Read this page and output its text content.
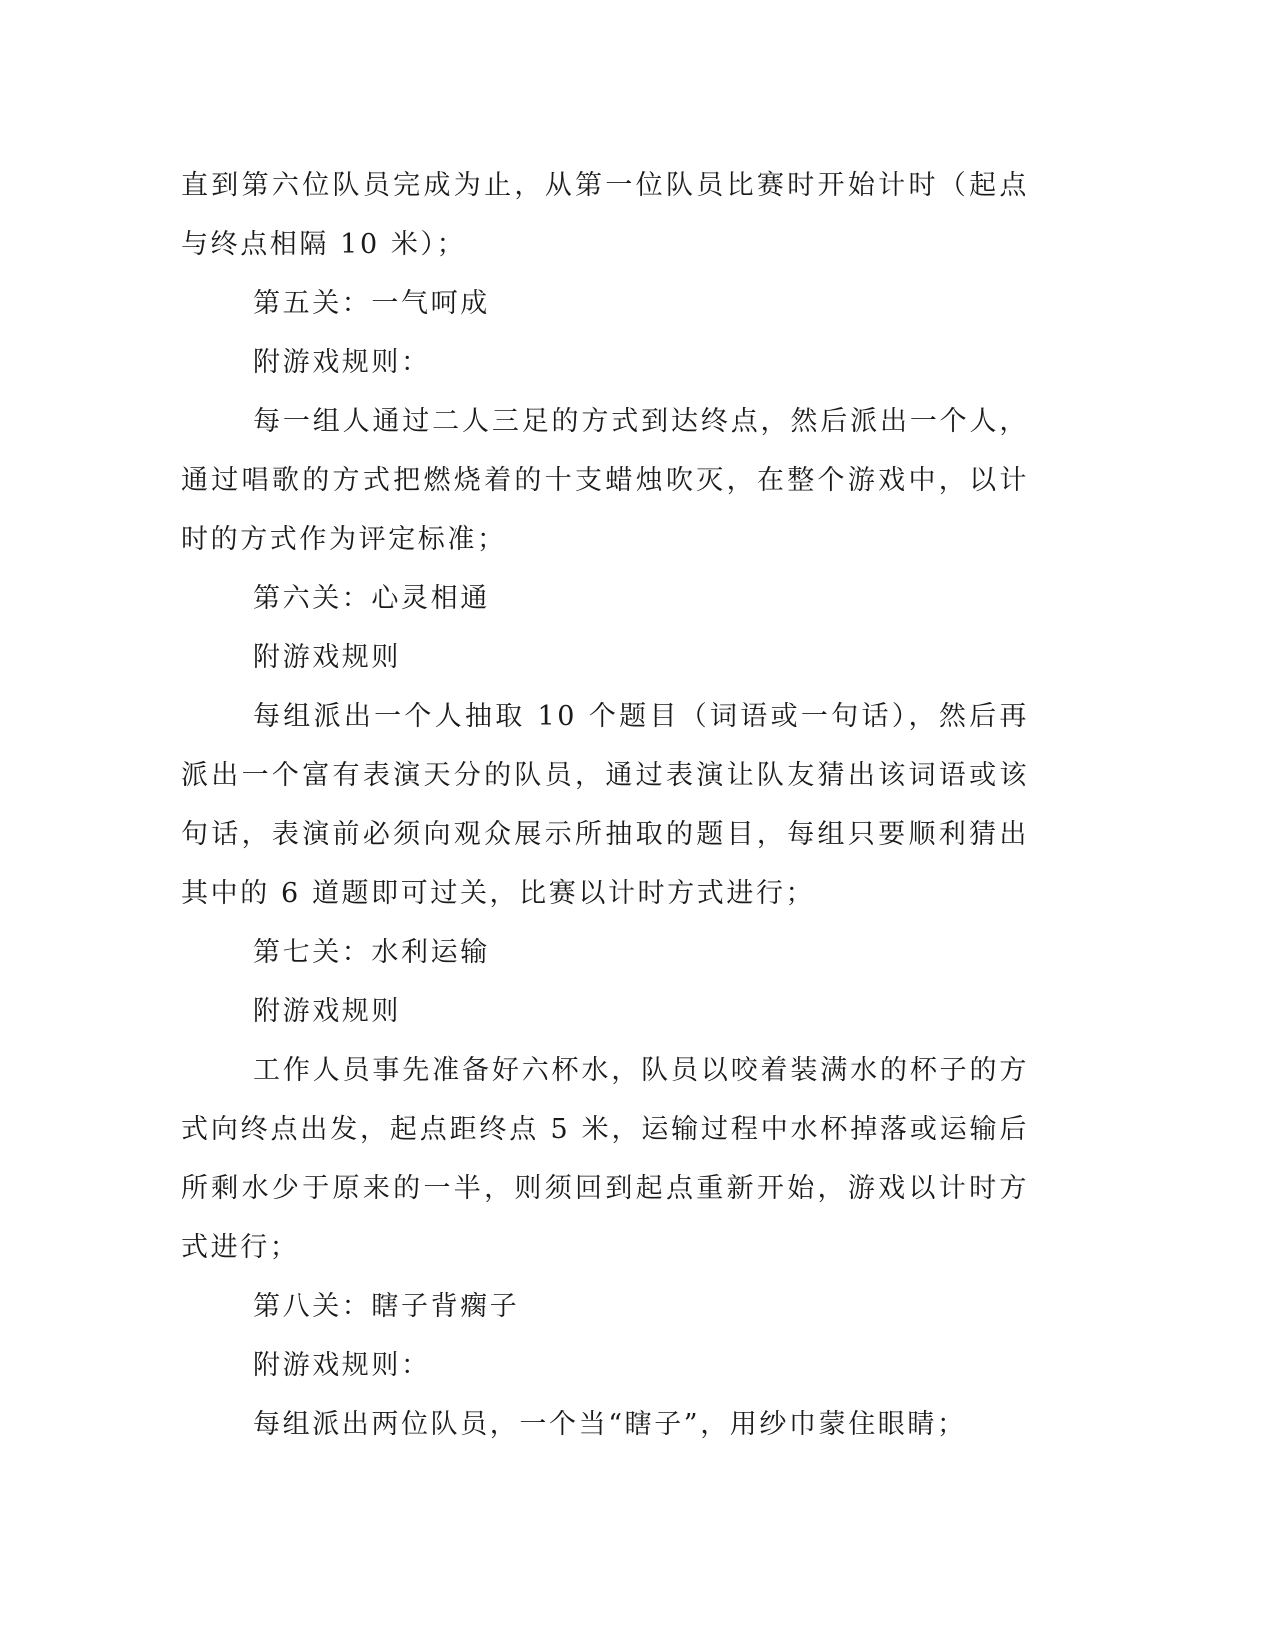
直到第六位队员完成为止，从第一位队员比赛时开始计时（起点与终点相隔 10 米）；

第五关：一气呵成

附游戏规则：

每一组人通过二人三足的方式到达终点，然后派出一个人，通过唱歌的方式把燃烧着的十支蜡烛吹灭，在整个游戏中，以计时的方式作为评定标准；

第六关：心灵相通

附游戏规则

每组派出一个人抽取 10 个题目（词语或一句话），然后再派出一个富有表演天分的队员，通过表演让队友猜出该词语或该句话，表演前必须向观众展示所抽取的题目，每组只要顺利猜出其中的 6 道题即可过关，比赛以计时方式进行；

第七关：水利运输

附游戏规则

工作人员事先准备好六杯水，队员以咬着装满水的杯子的方式向终点出发，起点距终点 5 米，运输过程中水杯掉落或运输后所剩水少于原来的一半，则须回到起点重新开始，游戏以计时方式进行；

第八关：瞎子背瘸子

附游戏规则：

每组派出两位队员，一个当“瞎子”，用纱巾蒙住眼睛；
